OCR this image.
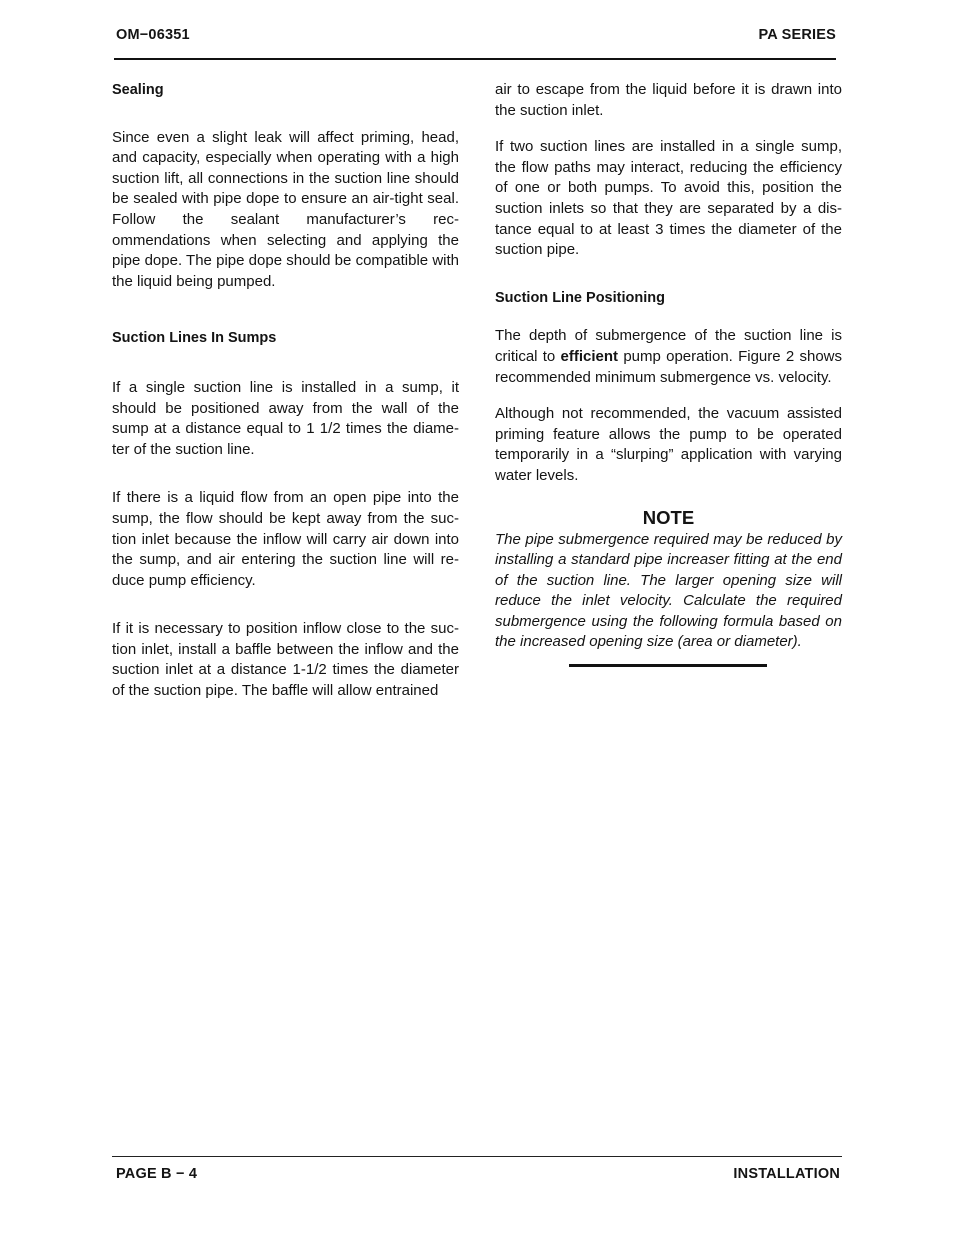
OM−06351	PA SERIES

Sealing

Since even a slight leak will affect priming, head, and capacity, especially when operating with a high suction lift, all connections in the suction line should be sealed with pipe dope to ensure an air-tight seal. Follow the sealant manufacturer’s rec-ommendations when selecting and applying the pipe dope. The pipe dope should be compatible with the liquid being pumped.

Suction Lines In Sumps

If a single suction line is installed in a sump, it should be positioned away from the wall of the sump at a distance equal to 1 1/2 times the diame-ter of the suction line.

If there is a liquid flow from an open pipe into the sump, the flow should be kept away from the suc-tion inlet because the inflow will carry air down into the sump, and air entering the suction line will re-duce pump efficiency.

If it is necessary to position inflow close to the suc-tion inlet, install a baffle between the inflow and the suction inlet at a distance 1-1/2 times the diameter of the suction pipe. The baffle will allow entrained

air to escape from the liquid before it is drawn into the suction inlet.

If two suction lines are installed in a single sump, the flow paths may interact, reducing the efficiency of one or both pumps. To avoid this, position the suction inlets so that they are separated by a dis-tance equal to at least 3 times the diameter of the suction pipe.

Suction Line Positioning

The depth of submergence of the suction line is critical to efficient pump operation. Figure 2 shows recommended minimum submergence vs. velocity.

Although not recommended, the vacuum assisted priming feature allows the pump to be operated temporarily in a “slurping” application with varying water levels.

NOTE

The pipe submergence required may be reduced by installing a standard pipe increaser fitting at the end of the suction line. The larger opening size will reduce the inlet velocity. Calculate the required submergence using the following formula based on the increased opening size (area or diameter).

PAGE B − 4	INSTALLATION
